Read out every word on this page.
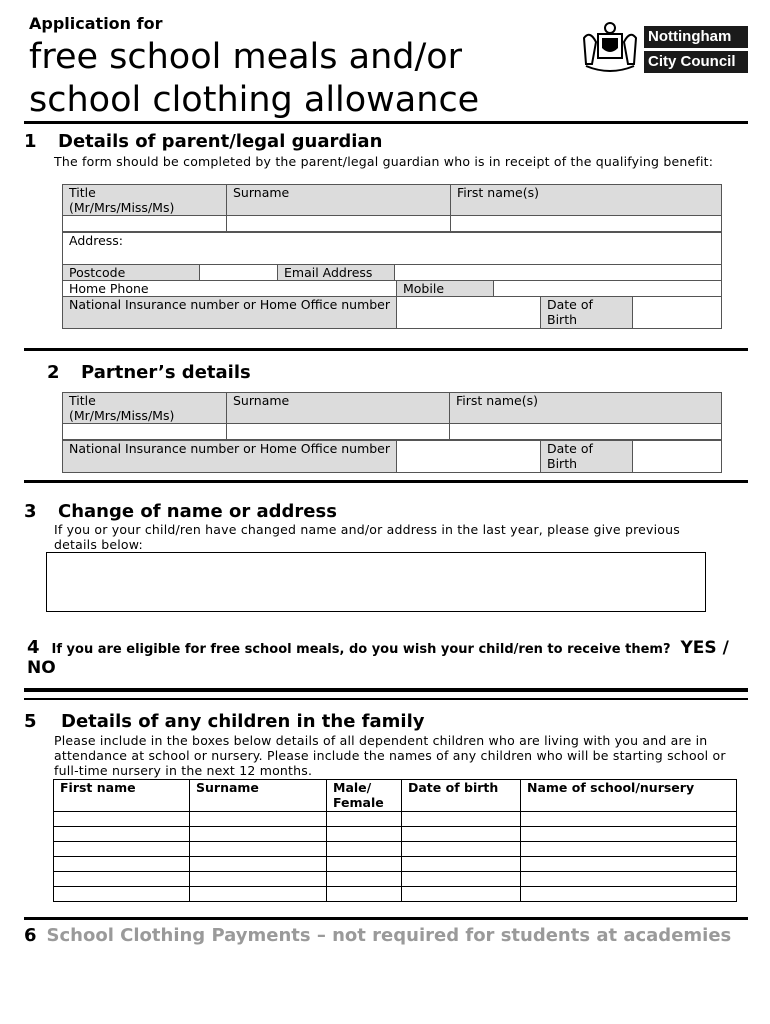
Application for
free school meals and/or
school clothing allowance
Nottingham
City Council
1 Details of parent/legal guardian
The form should be completed by the parent/legal guardian who is in receipt of the qualifying benefit:
Title
(Mr/Mrs/Miss/Ms)	Surname	First name(s)

Address:
Postcode		Email Address	
Home Phone	Mobile	
National Insurance number or Home Office number		Date of
Birth	
2 Partner’s details
Title
(Mr/Mrs/Miss/Ms)	Surname	First name(s)

National Insurance number or Home Office number		Date of
Birth	
3 Change of name or address
If you or your child/ren have changed name and/or address in the last year, please give previous details below:
4 If you are eligible for free school meals, do you wish your child/ren to receive them? YES / NO
5 Details of any children in the family
Please include in the boxes below details of all dependent children who are living with you and are in attendance at school or nursery. Please include the names of any children who will be starting school or full-time nursery in the next 12 months.
First name	Surname	Male/ Female	Date of birth	Name of school/nursery

6 School Clothing Payments – not required for students at academies
